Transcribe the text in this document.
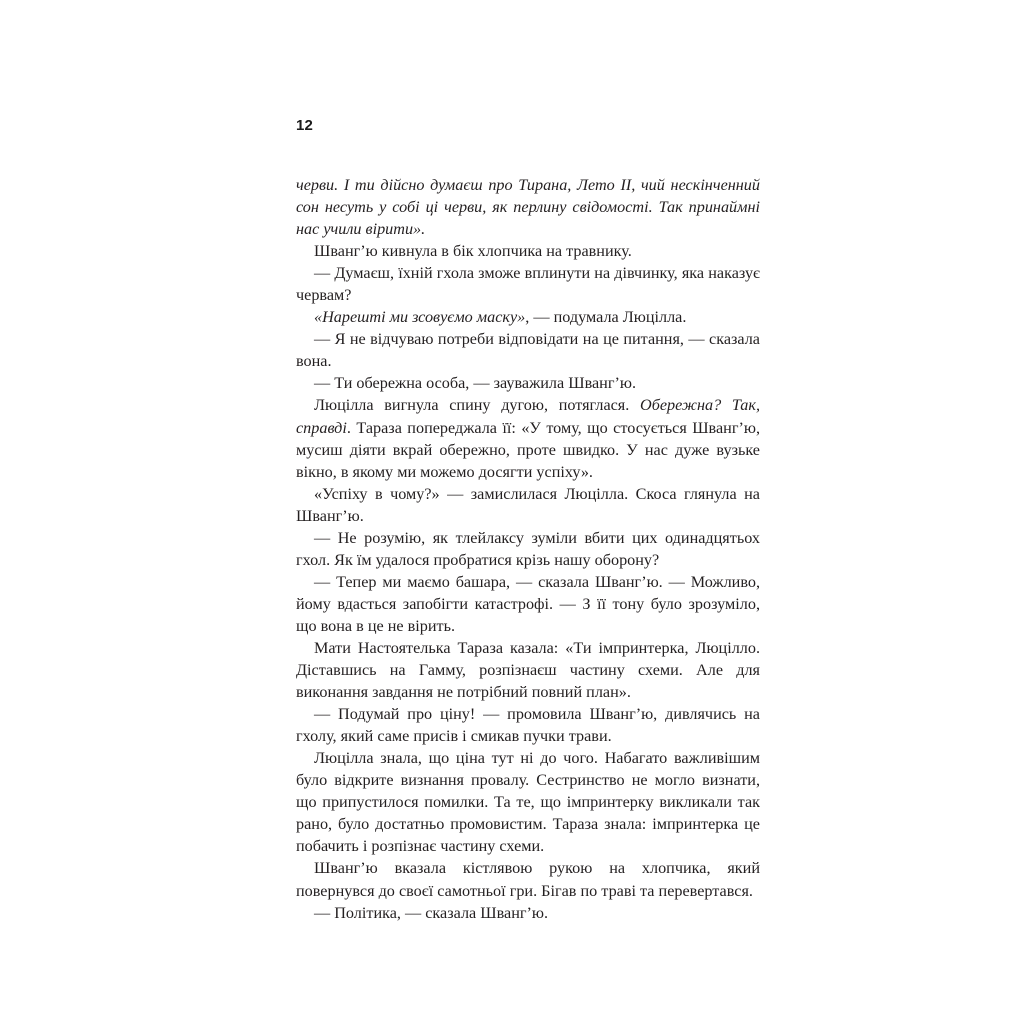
12

черви. І ти дійсно думаєш про Тирана, Лето II, чий нескінченний сон несуть у собі ці черви, як перлину свідомості. Так принаймні нас учили вірити».

Шванг’ю кивнула в бік хлопчика на травнику.

— Думаєш, їхній гхола зможе вплинути на дівчинку, яка наказує червам?

«Нарешті ми зсовуємо маску», — подумала Люцілла.

— Я не відчуваю потреби відповідати на це питання, — сказала вона.

— Ти обережна особа, — зауважила Шванг’ю.

Люцілла вигнула спину дугою, потяглася. Обережна? Так, справді. Тараза попереджала її: «У тому, що стосується Шванг’ю, мусиш діяти вкрай обережно, проте швидко. У нас дуже вузьке вікно, в якому ми можемо досягти успіху».

«Успіху в чому?» — замислилася Люцілла. Скоса глянула на Шванг’ю.

— Не розумію, як тлейлаксу зуміли вбити цих одинадцятьох гхол. Як їм удалося пробратися крізь нашу оборону?

— Тепер ми маємо башара, — сказала Шванг’ю. — Можливо, йому вдасться запобігти катастрофі. — З її тону було зрозуміло, що вона в це не вірить.

Мати Настоятелька Тараза казала: «Ти імпринтерка, Люцілло. Діставшись на Гамму, розпізнаєш частину схеми. Але для виконання завдання не потрібний повний план».

— Подумай про ціну! — промовила Шванг’ю, дивлячись на гхолу, який саме присів і смикав пучки трави.

Люцілла знала, що ціна тут ні до чого. Набагато важливішим було відкрите визнання провалу. Сестринство не могло визнати, що припустилося помилки. Та те, що імпринтерку викликали так рано, було достатньо промовистим. Тараза знала: імпринтерка це побачить і розпізнає частину схеми.

Шванг’ю вказала кістлявою рукою на хлопчика, який повернувся до своєї самотньої гри. Бігав по траві та перевертався.

— Політика, — сказала Шванг’ю.
